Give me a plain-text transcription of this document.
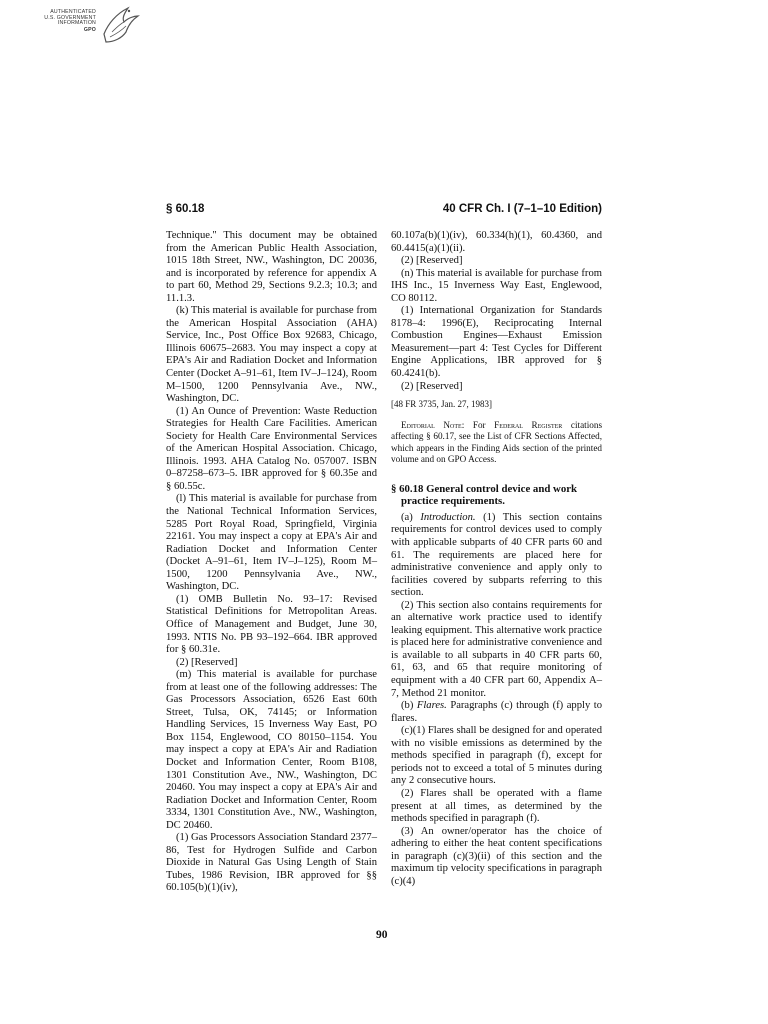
AUTHENTICATED
U.S. GOVERNMENT
INFORMATION
GPO
§ 60.18	40 CFR Ch. I (7–1–10 Edition)

Technique.'' This document may be obtained from the American Public Health Association, 1015 18th Street, NW., Washington, DC 20036, and is incorporated by reference for appendix A to part 60, Method 29, Sections 9.2.3; 10.3; and 11.1.3.

(k) This material is available for purchase from the American Hospital Association (AHA) Service, Inc., Post Office Box 92683, Chicago, Illinois 60675–2683. You may inspect a copy at EPA's Air and Radiation Docket and Information Center (Docket A–91–61, Item IV–J–124), Room M–1500, 1200 Pennsylvania Ave., NW., Washington, DC.

(1) An Ounce of Prevention: Waste Reduction Strategies for Health Care Facilities. American Society for Health Care Environmental Services of the American Hospital Association. Chicago, Illinois. 1993. AHA Catalog No. 057007. ISBN 0–87258–673–5. IBR approved for § 60.35e and § 60.55c.

(l) This material is available for purchase from the National Technical Information Services, 5285 Port Royal Road, Springfield, Virginia 22161. You may inspect a copy at EPA's Air and Radiation Docket and Information Center (Docket A–91–61, Item IV–J–125), Room M–1500, 1200 Pennsylvania Ave., NW., Washington, DC.

(1) OMB Bulletin No. 93–17: Revised Statistical Definitions for Metropolitan Areas. Office of Management and Budget, June 30, 1993. NTIS No. PB 93–192–664. IBR approved for § 60.31e.

(2) [Reserved]

(m) This material is available for purchase from at least one of the following addresses: The Gas Processors Association, 6526 East 60th Street, Tulsa, OK, 74145; or Information Handling Services, 15 Inverness Way East, PO Box 1154, Englewood, CO 80150–1154. You may inspect a copy at EPA's Air and Radiation Docket and Information Center, Room B108, 1301 Constitution Ave., NW., Washington, DC 20460. You may inspect a copy at EPA's Air and Radiation Docket and Information Center, Room 3334, 1301 Constitution Ave., NW., Washington, DC 20460.

(1) Gas Processors Association Standard 2377–86, Test for Hydrogen Sulfide and Carbon Dioxide in Natural Gas Using Length of Stain Tubes, 1986 Revision, IBR approved for §§ 60.105(b)(1)(iv),

60.107a(b)(1)(iv), 60.334(h)(1), 60.4360, and 60.4415(a)(1)(ii).

(2) [Reserved]

(n) This material is available for purchase from IHS Inc., 15 Inverness Way East, Englewood, CO 80112.

(1) International Organization for Standards 8178–4: 1996(E), Reciprocating Internal Combustion Engines—Exhaust Emission Measurement—part 4: Test Cycles for Different Engine Applications, IBR approved for § 60.4241(b).

(2) [Reserved]

[48 FR 3735, Jan. 27, 1983]

Editorial Note: For Federal Register citations affecting § 60.17, see the List of CFR Sections Affected, which appears in the Finding Aids section of the printed volume and on GPO Access.

§ 60.18 General control device and work practice requirements.

(a) Introduction. (1) This section contains requirements for control devices used to comply with applicable subparts of 40 CFR parts 60 and 61. The requirements are placed here for administrative convenience and apply only to facilities covered by subparts referring to this section.

(2) This section also contains requirements for an alternative work practice used to identify leaking equipment. This alternative work practice is placed here for administrative convenience and is available to all subparts in 40 CFR parts 60, 61, 63, and 65 that require monitoring of equipment with a 40 CFR part 60, Appendix A–7, Method 21 monitor.

(b) Flares. Paragraphs (c) through (f) apply to flares.

(c)(1) Flares shall be designed for and operated with no visible emissions as determined by the methods specified in paragraph (f), except for periods not to exceed a total of 5 minutes during any 2 consecutive hours.

(2) Flares shall be operated with a flame present at all times, as determined by the methods specified in paragraph (f).

(3) An owner/operator has the choice of adhering to either the heat content specifications in paragraph (c)(3)(ii) of this section and the maximum tip velocity specifications in paragraph (c)(4)

90
